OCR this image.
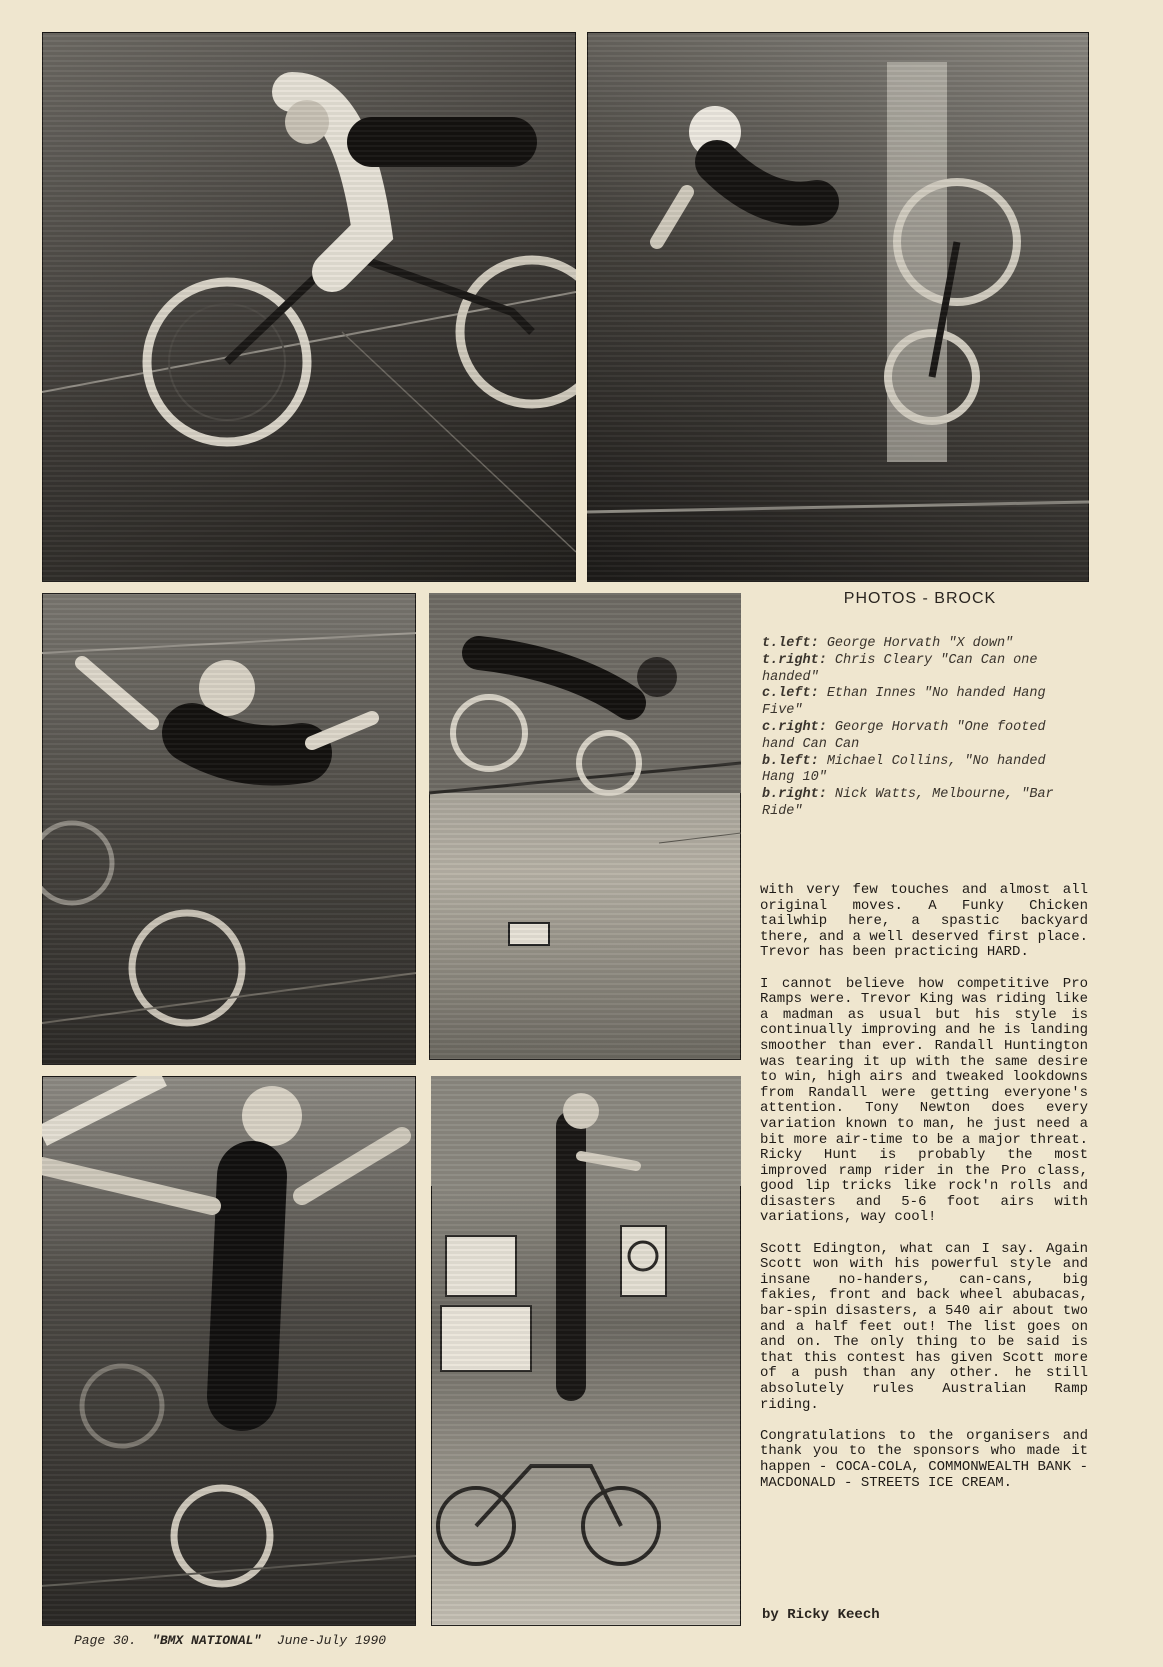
PHOTOS - BROCK
t.left: George Horvath "X down"
t.right: Chris Cleary "Can Can one handed"
c.left: Ethan Innes "No handed Hang Five"
c.right: George Horvath "One footed hand Can Can
b.left: Michael Collins, "No handed Hang 10"
b.right: Nick Watts, Melbourne, "Bar Ride"

with very few touches and almost all original moves. A Funky Chicken tailwhip here, a spastic backyard there, and a well deserved first place. Trevor has been practicing HARD.

I cannot believe how competitive Pro Ramps were. Trevor King was riding like a madman as usual but his style is continually improving and he is landing smoother than ever. Randall Huntington was tearing it up with the same desire to win, high airs and tweaked lookdowns from Randall were getting everyone's attention. Tony Newton does every variation known to man, he just need a bit more air-time to be a major threat. Ricky Hunt is probably the most improved ramp rider in the Pro class, good lip tricks like rock'n rolls and disasters and 5-6 foot airs with variations, way cool!

Scott Edington, what can I say. Again Scott won with his powerful style and insane no-handers, can-cans, big fakies, front and back wheel abubacas, bar-spin disasters, a 540 air about two and a half feet out! The list goes on and on. The only thing to be said is that this contest has given Scott more of a push than any other. he still absolutely rules Australian Ramp riding.

Congratulations to the organisers and thank you to the sponsors who made it happen - COCA-COLA, COMMONWEALTH BANK - MACDONALD - STREETS ICE CREAM.

by Ricky Keech
Page 30. "BMX NATIONAL" June-July 1990
